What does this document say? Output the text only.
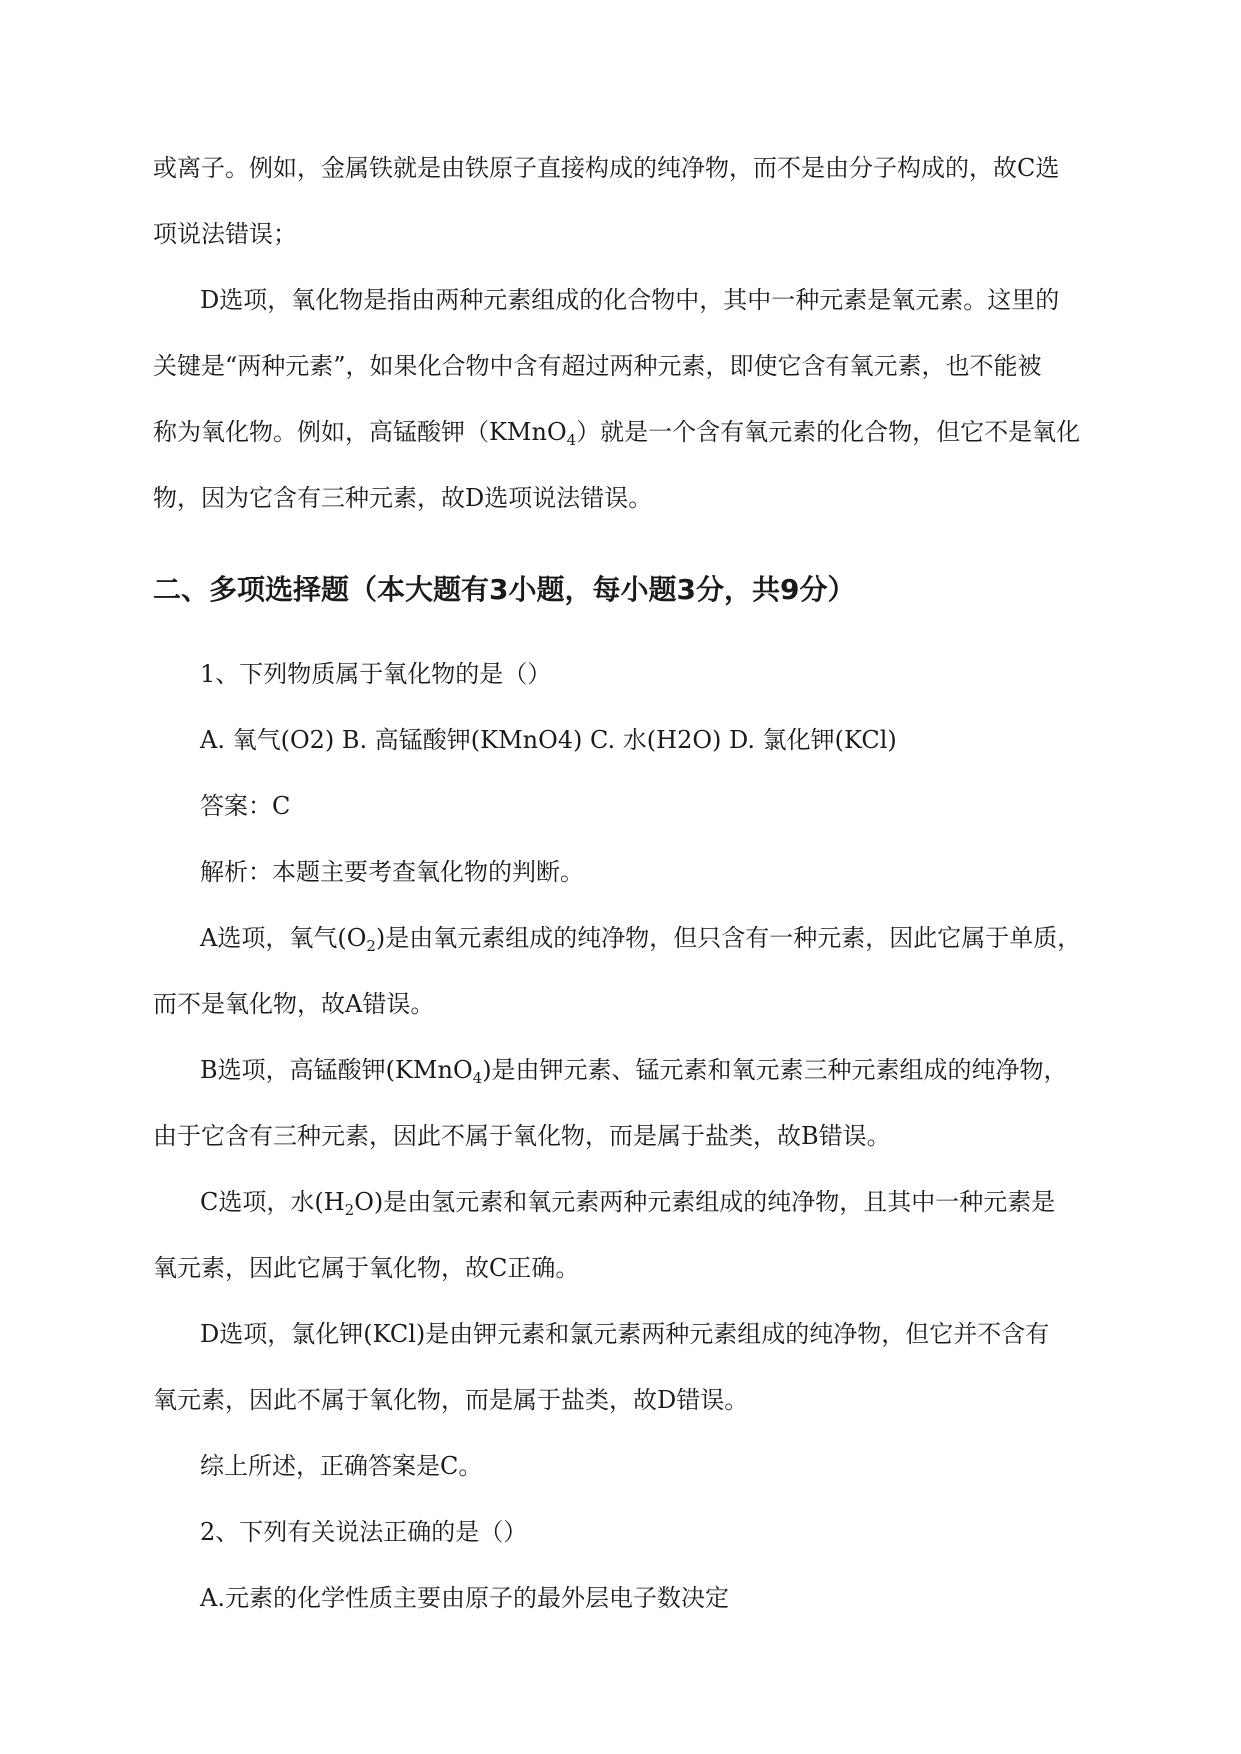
或离子。例如，金属铁就是由铁原子直接构成的纯净物，而不是由分子构成的，故C选
项说法错误；
D选项，氧化物是指由两种元素组成的化合物中，其中一种元素是氧元素。这里的
关键是“两种元素”，如果化合物中含有超过两种元素，即使它含有氧元素，也不能被
称为氧化物。例如，高锰酸钾（KMnO$_4$）就是一个含有氧元素的化合物，但它不是氧化
物，因为它含有三种元素，故D选项说法错误。
二、多项选择题（本大题有3小题，每小题3分，共9分）
1、下列物质属于氧化物的是（）
A. 氧气(O2) B. 高锰酸钾(KMnO4) C. 水(H2O) D. 氯化钾(KCl)
答案：C
解析：本题主要考查氧化物的判断。
A选项，氧气$(O_2)$是由氧元素组成的纯净物，但只含有一种元素，因此它属于单质，
而不是氧化物，故A错误。
B选项，高锰酸钾(KMnO$_4$)是由钾元素、锰元素和氧元素三种元素组成的纯净物，
由于它含有三种元素，因此不属于氧化物，而是属于盐类，故B错误。
C选项，水$(H_2O)$是由氢元素和氧元素两种元素组成的纯净物，且其中一种元素是
氧元素，因此它属于氧化物，故C正确。
D选项，氯化钾(KCl)是由钾元素和氯元素两种元素组成的纯净物，但它并不含有
氧元素，因此不属于氧化物，而是属于盐类，故D错误。
综上所述，正确答案是C。
2、下列有关说法正确的是（）
A.元素的化学性质主要由原子的最外层电子数决定
